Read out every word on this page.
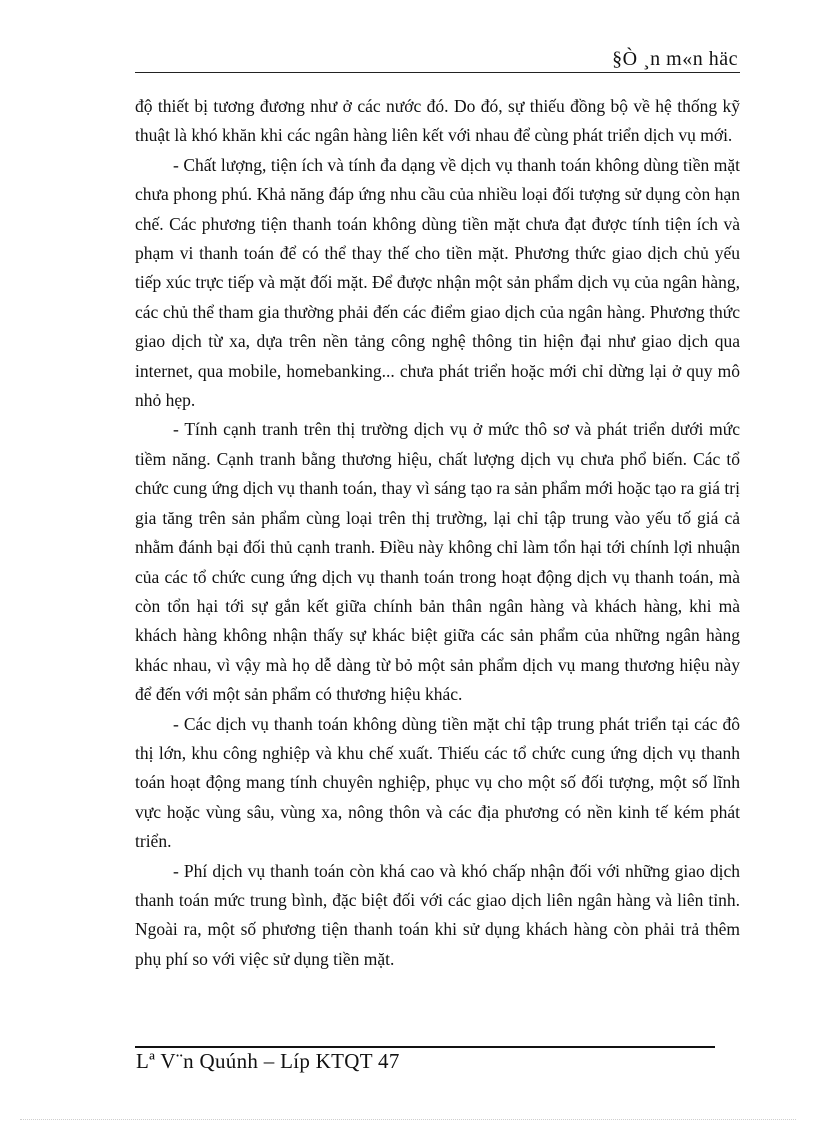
§Ò ¸n m«n häc

độ thiết bị tương đương như ở các nước đó. Do đó, sự thiếu đồng bộ về hệ thống kỹ thuật là khó khăn khi các ngân hàng liên kết với nhau để cùng phát triển dịch vụ mới.

- Chất lượng, tiện ích và tính đa dạng về dịch vụ thanh toán không dùng tiền mặt chưa phong phú. Khả năng đáp ứng nhu cầu của nhiều loại đối tượng sử dụng còn hạn chế. Các phương tiện thanh toán không dùng tiền mặt chưa đạt được tính tiện ích và phạm vi thanh toán để có thể thay thế cho tiền mặt. Phương thức giao dịch chủ yếu tiếp xúc trực tiếp và mặt đối mặt. Để được nhận một sản phẩm dịch vụ của ngân hàng, các chủ thể tham gia thường phải đến các điểm giao dịch của ngân hàng. Phương thức giao dịch từ xa, dựa trên nền tảng công nghệ thông tin hiện đại như giao dịch qua internet, qua mobile, homebanking... chưa phát triển hoặc mới chỉ dừng lại ở quy mô nhỏ hẹp.

- Tính cạnh tranh trên thị trường dịch vụ ở mức thô sơ và phát triển dưới mức tiềm năng. Cạnh tranh bằng thương hiệu, chất lượng dịch vụ chưa phổ biến. Các tổ chức cung ứng dịch vụ thanh toán, thay vì sáng tạo ra sản phẩm mới hoặc tạo ra giá trị gia tăng trên sản phẩm cùng loại trên thị trường, lại chỉ tập trung vào yếu tố giá cả nhằm đánh bại đối thủ cạnh tranh. Điều này không chỉ làm tổn hại tới chính lợi nhuận của các tổ chức cung ứng dịch vụ thanh toán trong hoạt động dịch vụ thanh toán, mà còn tổn hại tới sự gắn kết giữa chính bản thân ngân hàng và khách hàng, khi mà khách hàng không nhận thấy sự khác biệt giữa các sản phẩm của những ngân hàng khác nhau, vì vậy mà họ dễ dàng từ bỏ một sản phẩm dịch vụ mang thương hiệu này để đến với một sản phẩm có thương hiệu khác.

- Các dịch vụ thanh toán không dùng tiền mặt chỉ tập trung phát triển tại các đô thị lớn, khu công nghiệp và khu chế xuất. Thiếu các tổ chức cung ứng dịch vụ thanh toán hoạt động mang tính chuyên nghiệp, phục vụ cho một số đối tượng, một số lĩnh vực hoặc vùng sâu, vùng xa, nông thôn và các địa phương có nền kinh tế kém phát triển.

- Phí dịch vụ thanh toán còn khá cao và khó chấp nhận đối với những giao dịch thanh toán mức trung bình, đặc biệt đối với các giao dịch liên ngân hàng và liên tỉnh. Ngoài ra, một số phương tiện thanh toán khi sử dụng khách hàng còn phải trả thêm phụ phí so với việc sử dụng tiền mặt.

Lª V¨n Quúnh – Líp KTQT 47
